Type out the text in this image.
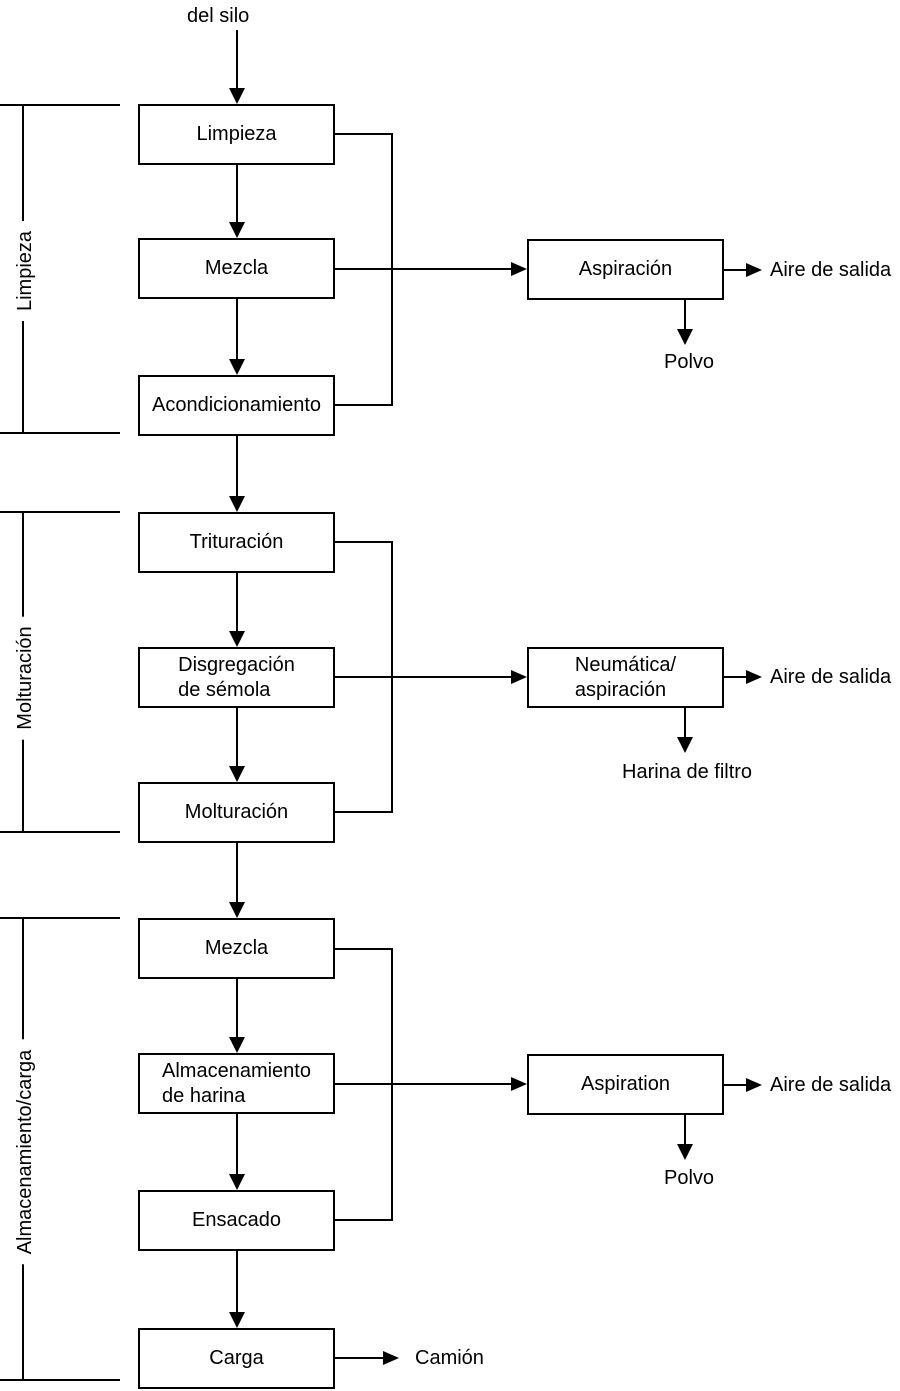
del silo
Limpieza
Molturación
Almacenamiento/carga
Limpieza
Mezcla
Acondicionamiento
Aspiración	Aire de salida
Polvo
Trituración
Disgregación
de sémola
Molturación
Neumática/
aspiración
Aire de salida
Harina de filtro
Mezcla
Almacenamiento
de harina
Ensacado
Carga
Aspiration	Aire de salida
Polvo
Camión
